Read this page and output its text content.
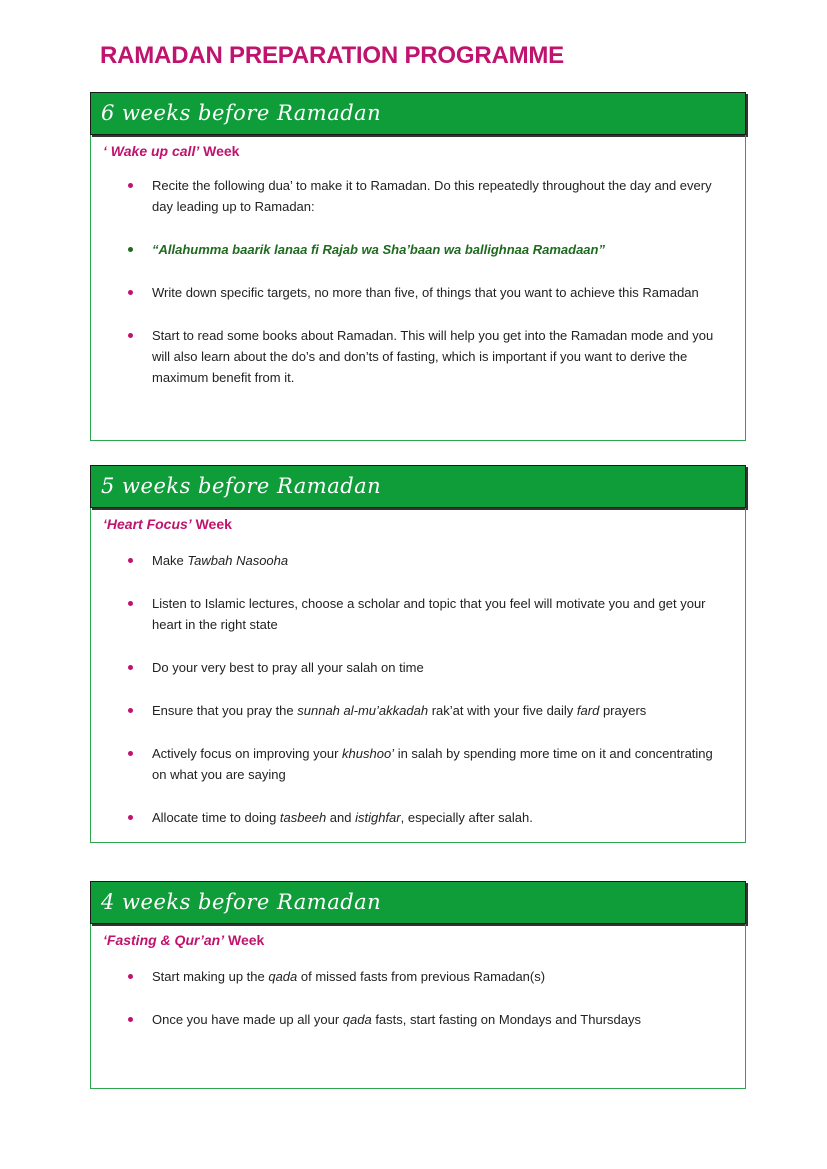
RAMADAN PREPARATION PROGRAMME
6 weeks before Ramadan
‘ Wake up call’ Week
Recite the following dua’ to make it to Ramadan. Do this repeatedly throughout the day and every day leading up to Ramadan:
“Allahumma baarik lanaa fi Rajab wa Sha’baan wa ballighnaa Ramadaan”
Write down specific targets, no more than five, of things that you want to achieve this Ramadan
Start to read some books about Ramadan. This will help you get into the Ramadan mode and you will also learn about the do’s and don’ts of fasting, which is important if you want to derive the maximum benefit from it.
5 weeks before Ramadan
‘Heart Focus’ Week
Make Tawbah Nasooha
Listen to Islamic lectures, choose a scholar and topic that you feel will motivate you and get your heart in the right state
Do your very best to pray all your salah on time
Ensure that you pray the sunnah al-mu’akkadah rak’at with your five daily fard prayers
Actively focus on improving your khushoo’ in salah by spending more time on it and concentrating on what you are saying
Allocate time to doing tasbeeh and istighfar, especially after salah.
4 weeks before Ramadan
‘Fasting & Qur’an’ Week
Start making up the qada of missed fasts from previous Ramadan(s)
Once you have made up all your qada fasts, start fasting on Mondays and Thursdays
